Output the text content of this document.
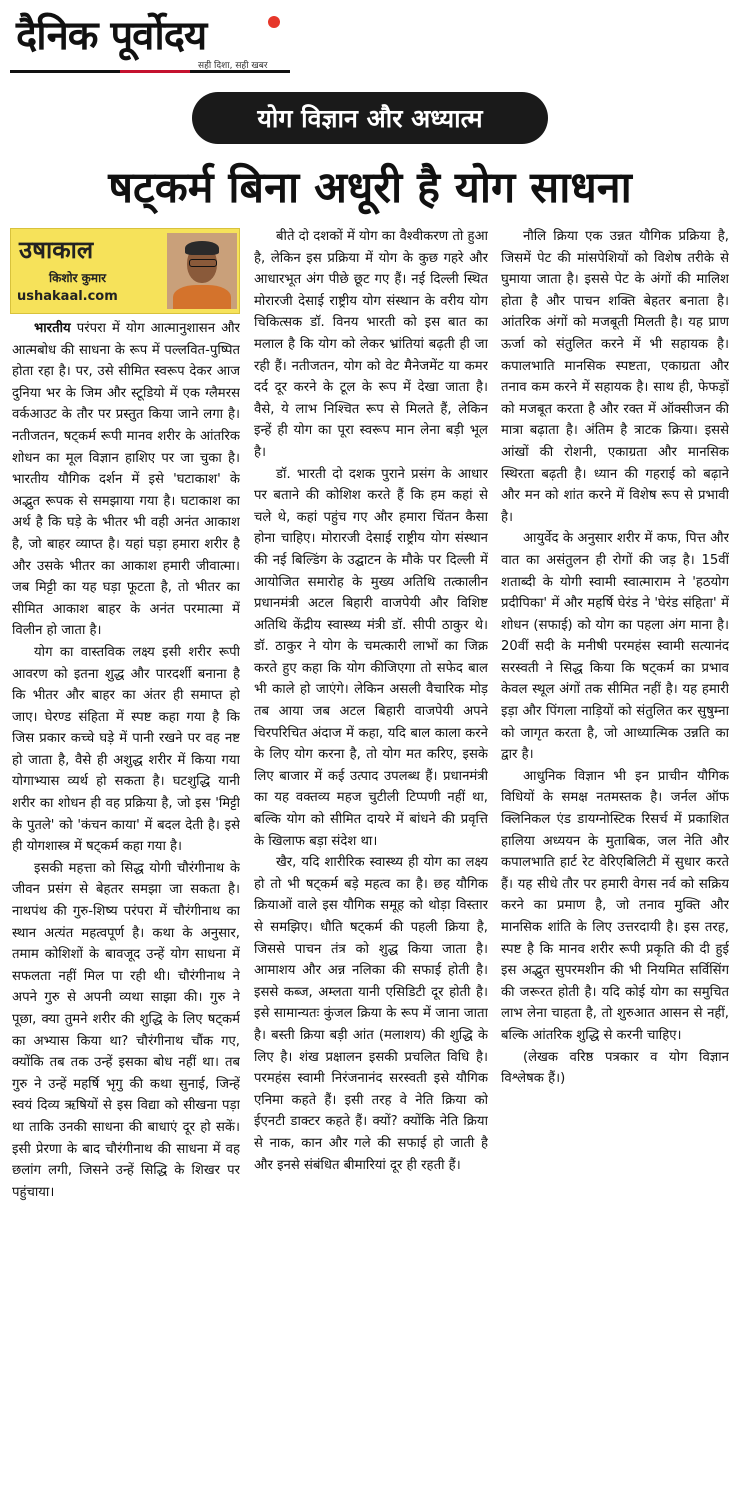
दैनिक पूर्वोदय
सही दिशा, सही खबर
योग विज्ञान और अध्यात्म
षट्कर्म बिना अधूरी है योग साधना
उषाकाल
किशोर कुमार
ushakaal.com

भारतीय परंपरा में योग आत्मानुशासन और आत्मबोध की साधना के रूप में पल्लवित-पुष्पित होता रहा है। पर, उसे सीमित स्वरूप देकर आज दुनिया भर के जिम और स्टूडियो में एक ग्लैमरस वर्कआउट के तौर पर प्रस्तुत किया जाने लगा है। नतीजतन, षट्कर्म रूपी मानव शरीर के आंतरिक शोधन का मूल विज्ञान हाशिए पर जा चुका है। भारतीय यौगिक दर्शन में इसे 'घटाकाश' के अद्भुत रूपक से समझाया गया है। घटाकाश का अर्थ है कि घड़े के भीतर भी वही अनंत आकाश है, जो बाहर व्याप्त है। यहां घड़ा हमारा शरीर है और उसके भीतर का आकाश हमारी जीवात्मा। जब मिट्टी का यह घड़ा फूटता है, तो भीतर का सीमित आकाश बाहर के अनंत परमात्मा में विलीन हो जाता है।

योग का वास्तविक लक्ष्य इसी शरीर रूपी आवरण को इतना शुद्ध और पारदर्शी बनाना है कि भीतर और बाहर का अंतर ही समाप्त हो जाए। घेरण्ड संहिता में स्पष्ट कहा गया है कि जिस प्रकार कच्चे घड़े में पानी रखने पर वह नष्ट हो जाता है, वैसे ही अशुद्ध शरीर में किया गया योगाभ्यास व्यर्थ हो सकता है। घटशुद्धि यानी शरीर का शोधन ही वह प्रक्रिया है, जो इस 'मिट्टी के पुतले' को 'कंचन काया' में बदल देती है। इसे ही योगशास्त्र में षट्कर्म कहा गया है।

इसकी महत्ता को सिद्ध योगी चौरंगीनाथ के जीवन प्रसंग से बेहतर समझा जा सकता है। नाथपंथ की गुरु-शिष्य परंपरा में चौरंगीनाथ का स्थान अत्यंत महत्वपूर्ण है। कथा के अनुसार, तमाम कोशिशों के बावजूद उन्हें योग साधना में सफलता नहीं मिल पा रही थी। चौरंगीनाथ ने अपने गुरु से अपनी व्यथा साझा की। गुरु ने पूछा, क्या तुमने शरीर की शुद्धि के लिए षट्कर्म का अभ्यास किया था? चौरंगीनाथ चौंक गए, क्योंकि तब तक उन्हें इसका बोध नहीं था। तब गुरु ने उन्हें महर्षि भृगु की कथा सुनाई, जिन्हें स्वयं दिव्य ऋषियों से इस विद्या को सीखना पड़ा था ताकि उनकी साधना की बाधाएं दूर हो सकें। इसी प्रेरणा के बाद चौरंगीनाथ की साधना में वह छलांग लगी, जिसने उन्हें सिद्धि के शिखर पर पहुंचाया।

बीते दो दशकों में योग का वैश्वीकरण तो हुआ है, लेकिन इस प्रक्रिया में योग के कुछ गहरे और आधारभूत अंग पीछे छूट गए हैं। नई दिल्ली स्थित मोरारजी देसाई राष्ट्रीय योग संस्थान के वरीय योग चिकित्सक डॉ. विनय भारती को इस बात का मलाल है कि योग को लेकर भ्रांतियां बढ़ती ही जा रही हैं। नतीजतन, योग को वेट मैनेजमेंट या कमर दर्द दूर करने के टूल के रूप में देखा जाता है। वैसे, ये लाभ निश्चित रूप से मिलते हैं, लेकिन इन्हें ही योग का पूरा स्वरूप मान लेना बड़ी भूल है।

डॉ. भारती दो दशक पुराने प्रसंग के आधार पर बताने की कोशिश करते हैं कि हम कहां से चले थे, कहां पहुंच गए और हमारा चिंतन कैसा होना चाहिए। मोरारजी देसाई राष्ट्रीय योग संस्थान की नई बिल्डिंग के उद्घाटन के मौके पर दिल्ली में आयोजित समारोह के मुख्य अतिथि तत्कालीन प्रधानमंत्री अटल बिहारी वाजपेयी और विशिष्ट अतिथि केंद्रीय स्वास्थ्य मंत्री डॉ. सीपी ठाकुर थे। डॉ. ठाकुर ने योग के चमत्कारी लाभों का जिक्र करते हुए कहा कि योग कीजिएगा तो सफेद बाल भी काले हो जाएंगे। लेकिन असली वैचारिक मोड़ तब आया जब अटल बिहारी वाजपेयी अपने चिरपरिचित अंदाज में कहा, यदि बाल काला करने के लिए योग करना है, तो योग मत करिए, इसके लिए बाजार में कई उत्पाद उपलब्ध हैं। प्रधानमंत्री का यह वक्तव्य महज चुटीली टिप्पणी नहीं था, बल्कि योग को सीमित दायरे में बांधने की प्रवृत्ति के खिलाफ बड़ा संदेश था।

खैर, यदि शारीरिक स्वास्थ्य ही योग का लक्ष्य हो तो भी षट्कर्म बड़े महत्व का है। छह यौगिक क्रियाओं वाले इस यौगिक समूह को थोड़ा विस्तार से समझिए। धौति षट्कर्म की पहली क्रिया है, जिससे पाचन तंत्र को शुद्ध किया जाता है। आमाशय और अन्न नलिका की सफाई होती है। इससे कब्ज, अम्लता यानी एसिडिटी दूर होती है। इसे सामान्यतः कुंजल क्रिया के रूप में जाना जाता है। बस्ती क्रिया बड़ी आंत (मलाशय) की शुद्धि के लिए है। शंख प्रक्षालन इसकी प्रचलित विधि है। परमहंस स्वामी निरंजनानंद सरस्वती इसे यौगिक एनिमा कहते हैं। इसी तरह वे नेति क्रिया को ईएनटी डाक्टर कहते हैं। क्यों? क्योंकि नेति क्रिया से नाक, कान और गले की सफाई हो जाती है और इनसे संबंधित बीमारियां दूर ही रहती हैं।

नौलि क्रिया एक उन्नत यौगिक प्रक्रिया है, जिसमें पेट की मांसपेशियों को विशेष तरीके से घुमाया जाता है। इससे पेट के अंगों की मालिश होता है और पाचन शक्ति बेहतर बनाता है। आंतरिक अंगों को मजबूती मिलती है। यह प्राण ऊर्जा को संतुलित करने में भी सहायक है। कपालभाति मानसिक स्पष्टता, एकाग्रता और तनाव कम करने में सहायक है। साथ ही, फेफड़ों को मजबूत करता है और रक्त में ऑक्सीजन की मात्रा बढ़ाता है। अंतिम है त्राटक क्रिया। इससे आंखों की रोशनी, एकाग्रता और मानसिक स्थिरता बढ़ती है। ध्यान की गहराई को बढ़ाने और मन को शांत करने में विशेष रूप से प्रभावी है।

आयुर्वेद के अनुसार शरीर में कफ, पित्त और वात का असंतुलन ही रोगों की जड़ है। 15वीं शताब्दी के योगी स्वामी स्वात्माराम ने 'हठयोग प्रदीपिका' में और महर्षि घेरंड ने 'घेरंड संहिता' में शोधन (सफाई) को योग का पहला अंग माना है। 20वीं सदी के मनीषी परमहंस स्वामी सत्यानंद सरस्वती ने सिद्ध किया कि षट्कर्म का प्रभाव केवल स्थूल अंगों तक सीमित नहीं है। यह हमारी इड़ा और पिंगला नाड़ियों को संतुलित कर सुषुम्ना को जागृत करता है, जो आध्यात्मिक उन्नति का द्वार है।

आधुनिक विज्ञान भी इन प्राचीन यौगिक विधियों के समक्ष नतमस्तक है। जर्नल ऑफ क्लिनिकल एंड डायग्नोस्टिक रिसर्च में प्रकाशित हालिया अध्ययन के मुताबिक, जल नेति और कपालभाति हार्ट रेट वेरिएबिलिटी में सुधार करते हैं। यह सीधे तौर पर हमारी वेगस नर्व को सक्रिय करने का प्रमाण है, जो तनाव मुक्ति और मानसिक शांति के लिए उत्तरदायी है। इस तरह, स्पष्ट है कि मानव शरीर रूपी प्रकृति की दी हुई इस अद्भुत सुपरमशीन की भी नियमित सर्विसिंग की जरूरत होती है। यदि कोई योग का समुचित लाभ लेना चाहता है, तो शुरुआत आसन से नहीं, बल्कि आंतरिक शुद्धि से करनी चाहिए।

(लेखक वरिष्ठ पत्रकार व योग विज्ञान विश्लेषक हैं।)
